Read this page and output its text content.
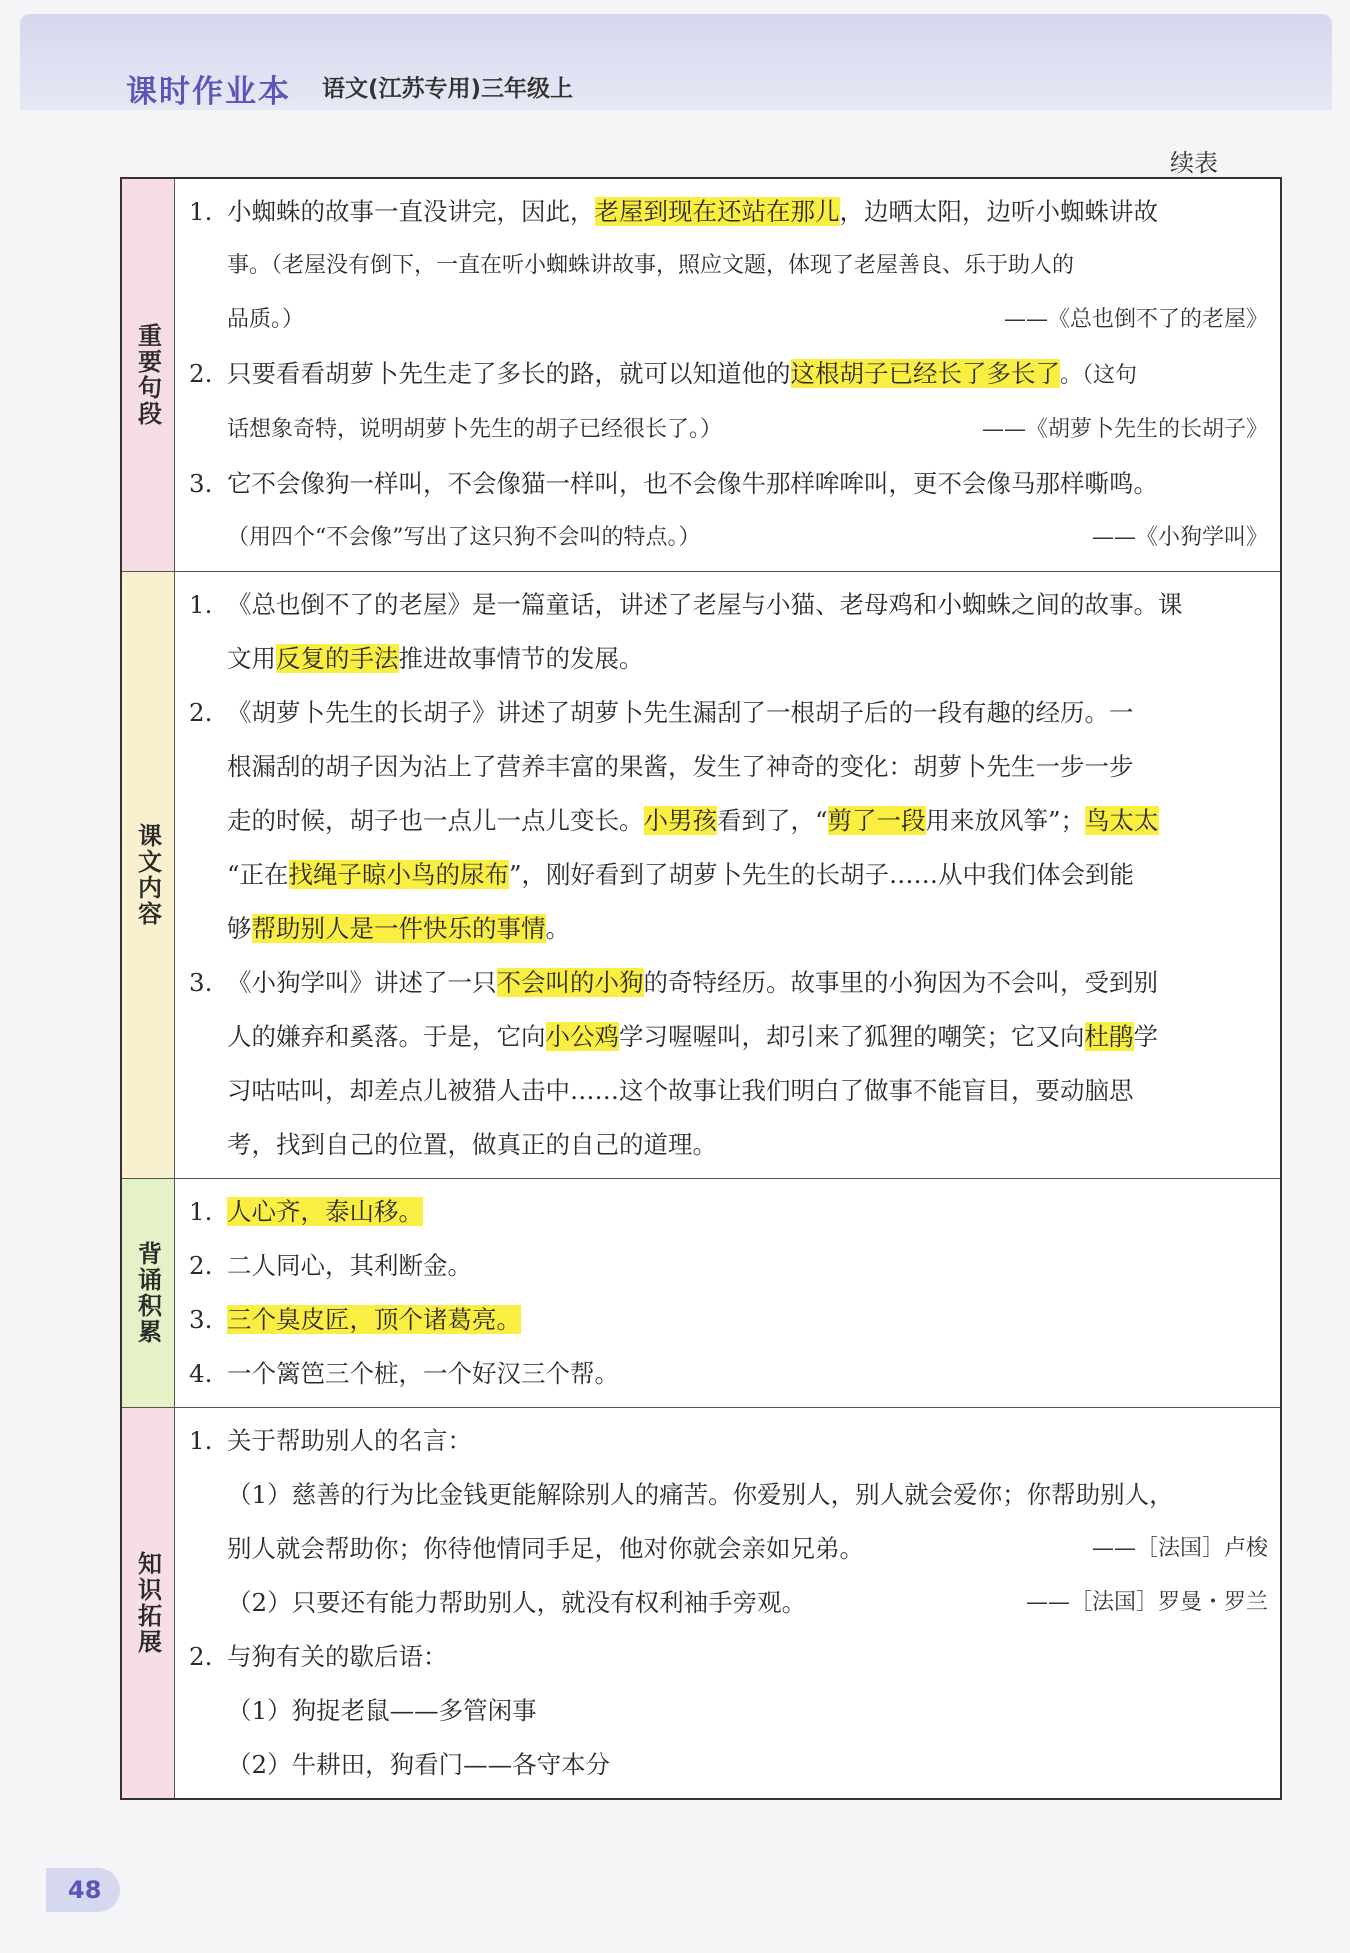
课时作业本 语文(江苏专用)三年级上
续表
重要句段
1. 小蜘蛛的故事一直没讲完，因此，老屋到现在还站在那儿，边晒太阳，边听小蜘蛛讲故
事。（老屋没有倒下，一直在听小蜘蛛讲故事，照应文题，体现了老屋善良、乐于助人的
品质。）	——《总也倒不了的老屋》
2. 只要看看胡萝卜先生走了多长的路，就可以知道他的这根胡子已经长了多长了。（这句
话想象奇特，说明胡萝卜先生的胡子已经很长了。）	——《胡萝卜先生的长胡子》
3. 它不会像狗一样叫，不会像猫一样叫，也不会像牛那样哞哞叫，更不会像马那样嘶鸣。
（用四个“不会像”写出了这只狗不会叫的特点。）	——《小狗学叫》
课文内容
1. 《总也倒不了的老屋》是一篇童话，讲述了老屋与小猫、老母鸡和小蜘蛛之间的故事。课
文用反复的手法推进故事情节的发展。
2. 《胡萝卜先生的长胡子》讲述了胡萝卜先生漏刮了一根胡子后的一段有趣的经历。一
根漏刮的胡子因为沾上了营养丰富的果酱，发生了神奇的变化：胡萝卜先生一步一步
走的时候，胡子也一点儿一点儿变长。小男孩看到了，“剪了一段用来放风筝”；鸟太太
“正在找绳子晾小鸟的尿布”，刚好看到了胡萝卜先生的长胡子……从中我们体会到能
够帮助别人是一件快乐的事情。
3. 《小狗学叫》讲述了一只不会叫的小狗的奇特经历。故事里的小狗因为不会叫，受到别
人的嫌弃和奚落。于是，它向小公鸡学习喔喔叫，却引来了狐狸的嘲笑；它又向杜鹃学
习咕咕叫，却差点儿被猎人击中……这个故事让我们明白了做事不能盲目，要动脑思
考，找到自己的位置，做真正的自己的道理。
背诵积累
1. 人心齐，泰山移。
2. 二人同心，其利断金。
3. 三个臭皮匠，顶个诸葛亮。
4. 一个篱笆三个桩，一个好汉三个帮。
知识拓展
1. 关于帮助别人的名言：
（1）慈善的行为比金钱更能解除别人的痛苦。你爱别人，别人就会爱你；你帮助别人，
别人就会帮助你；你待他情同手足，他对你就会亲如兄弟。	——［法国］卢梭
（2）只要还有能力帮助别人，就没有权利袖手旁观。	——［法国］罗曼・罗兰
2. 与狗有关的歇后语：
（1）狗捉老鼠——多管闲事
（2）牛耕田，狗看门——各守本分
48
